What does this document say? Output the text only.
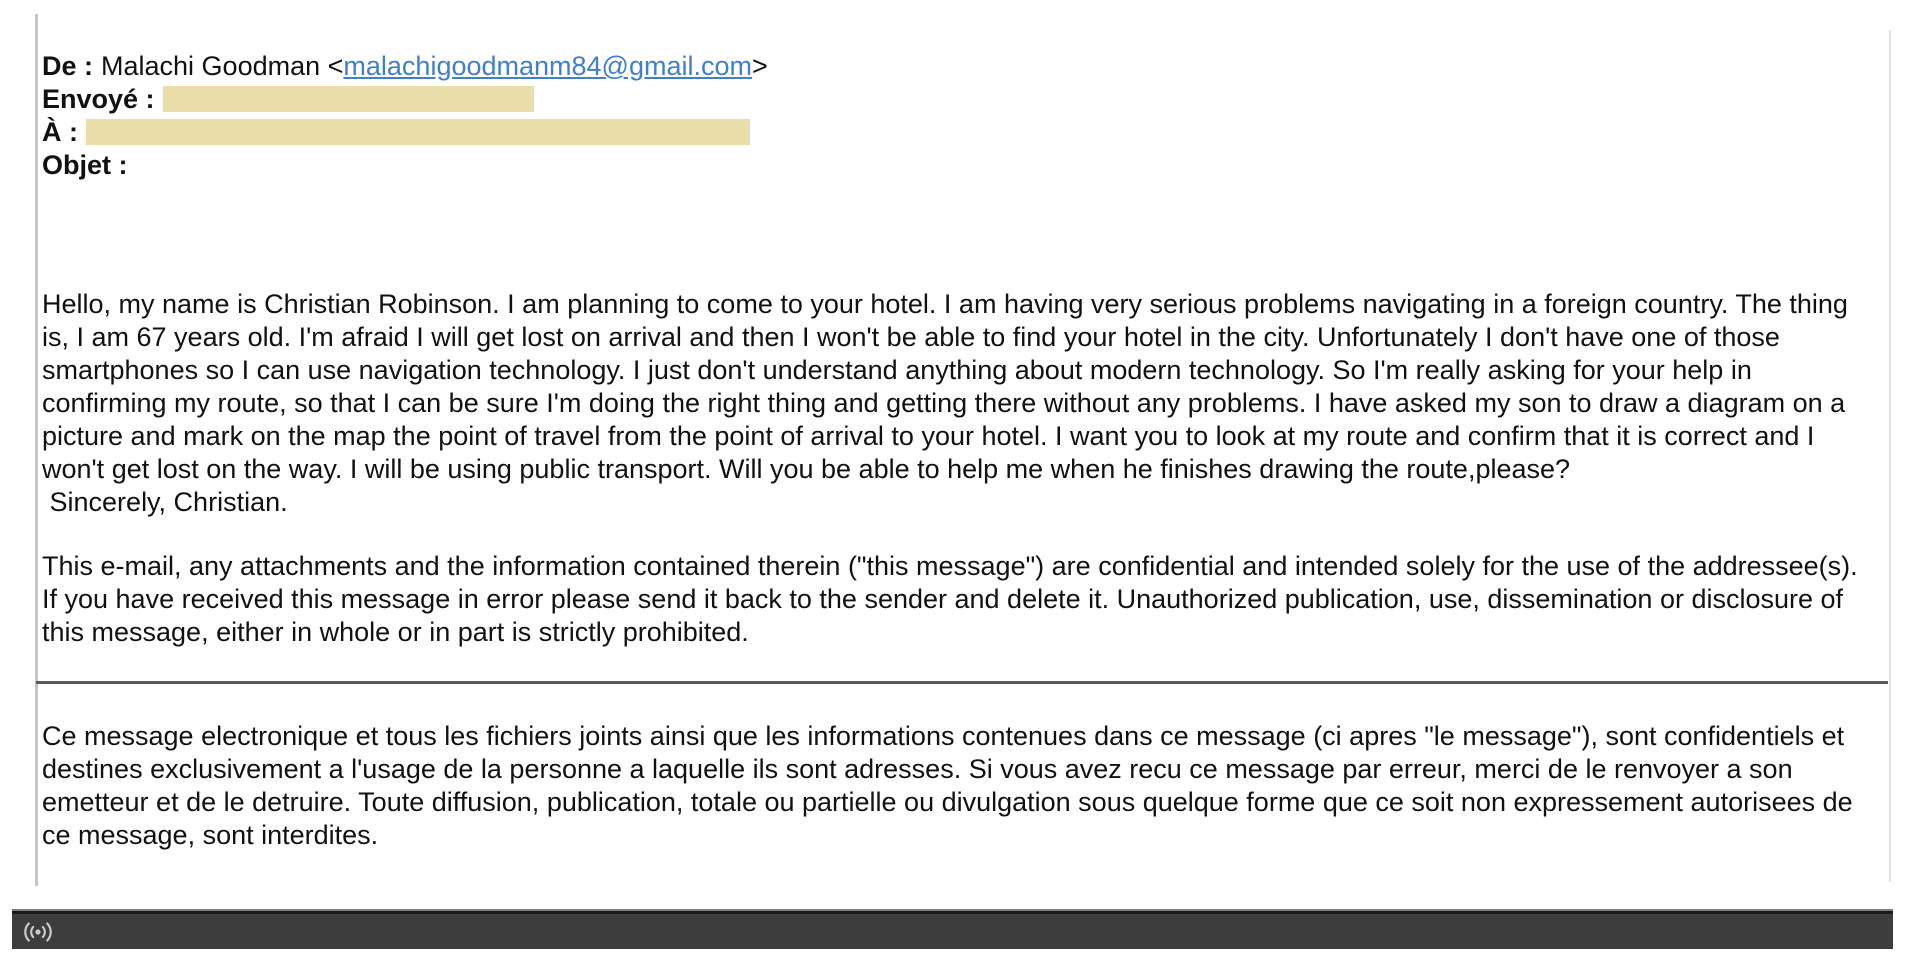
De : Malachi Goodman <malachigoodmanm84@gmail.com>
Envoyé :
À :
Objet :
Hello, my name is Christian Robinson. I am planning to come to your hotel. I am having very serious problems navigating in a foreign country. The thing is, I am 67 years old. I'm afraid I will get lost on arrival and then I won't be able to find your hotel in the city. Unfortunately I don't have one of those smartphones so I can use navigation technology. I just don't understand anything about modern technology. So I'm really asking for your help in confirming my route, so that I can be sure I'm doing the right thing and getting there without any problems. I have asked my son to draw a diagram on a picture and mark on the map the point of travel from the point of arrival to your hotel. I want you to look at my route and confirm that it is correct and I won't get lost on the way. I will be using public transport. Will you be able to help me when he finishes drawing the route,please?
Sincerely, Christian.
This e-mail, any attachments and the information contained therein ("this message") are confidential and intended solely for the use of the addressee(s). If you have received this message in error please send it back to the sender and delete it. Unauthorized publication, use, dissemination or disclosure of this message, either in whole or in part is strictly prohibited.
Ce message electronique et tous les fichiers joints ainsi que les informations contenues dans ce message (ci apres "le message"), sont confidentiels et destines exclusivement a l'usage de la personne a laquelle ils sont adresses. Si vous avez recu ce message par erreur, merci de le renvoyer a son emetteur et de le detruire. Toute diffusion, publication, totale ou partielle ou divulgation sous quelque forme que ce soit non expressement autorisees de ce message, sont interdites.
